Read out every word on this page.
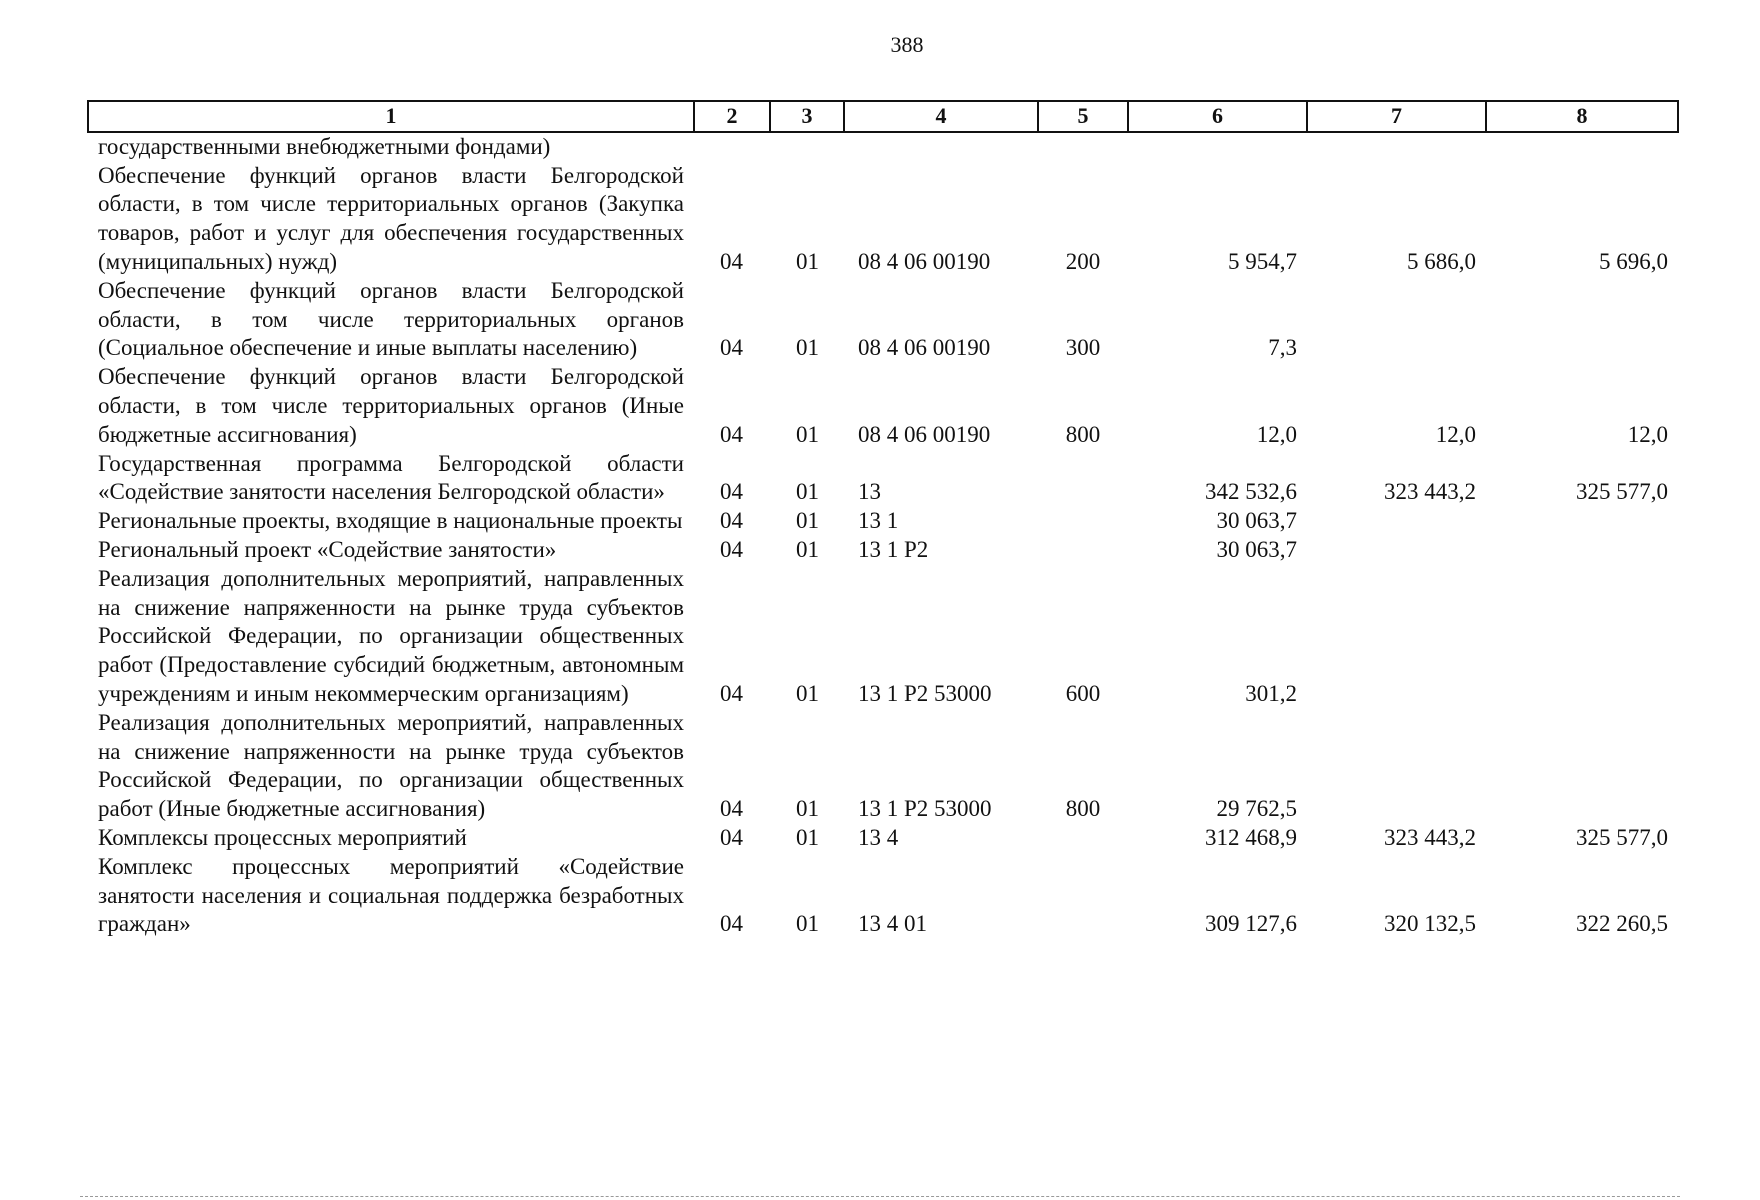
388
1	2	3	4	5	6	7	8
государственными внебюджетными фондами)							
Обеспечение функций органов власти Белгородской области, в том числе территориальных органов (Закупка товаров, работ и услуг для обеспечения государственных (муниципальных) нужд)	04	01	08 4 06 00190	200	5 954,7	5 686,0	5 696,0
Обеспечение функций органов власти Белгородской области, в том числе территориальных органов (Социальное обеспечение и иные выплаты населению)	04	01	08 4 06 00190	300	7,3		
Обеспечение функций органов власти Белгородской области, в том числе территориальных органов (Иные бюджетные ассигнования)	04	01	08 4 06 00190	800	12,0	12,0	12,0
Государственная программа Белгородской области «Содействие занятости населения Белгородской области»	04	01	13		342 532,6	323 443,2	325 577,0
Региональные проекты, входящие в национальные проекты	04	01	13 1		30 063,7		
Региональный проект «Содействие занятости»	04	01	13 1 Р2		30 063,7		
Реализация дополнительных мероприятий, направленных на снижение напряженности на рынке труда субъектов Российской Федерации, по организации общественных работ (Предоставление субсидий бюджетным, автономным учреждениям и иным некоммерческим организациям)	04	01	13 1 Р2 53000	600	301,2		
Реализация дополнительных мероприятий, направленных на снижение напряженности на рынке труда субъектов Российской Федерации, по организации общественных работ (Иные бюджетные ассигнования)	04	01	13 1 Р2 53000	800	29 762,5		
Комплексы процессных мероприятий	04	01	13 4		312 468,9	323 443,2	325 577,0
Комплекс процессных мероприятий «Содействие занятости населения и социальная поддержка безработных граждан»	04	01	13 4 01		309 127,6	320 132,5	322 260,5
